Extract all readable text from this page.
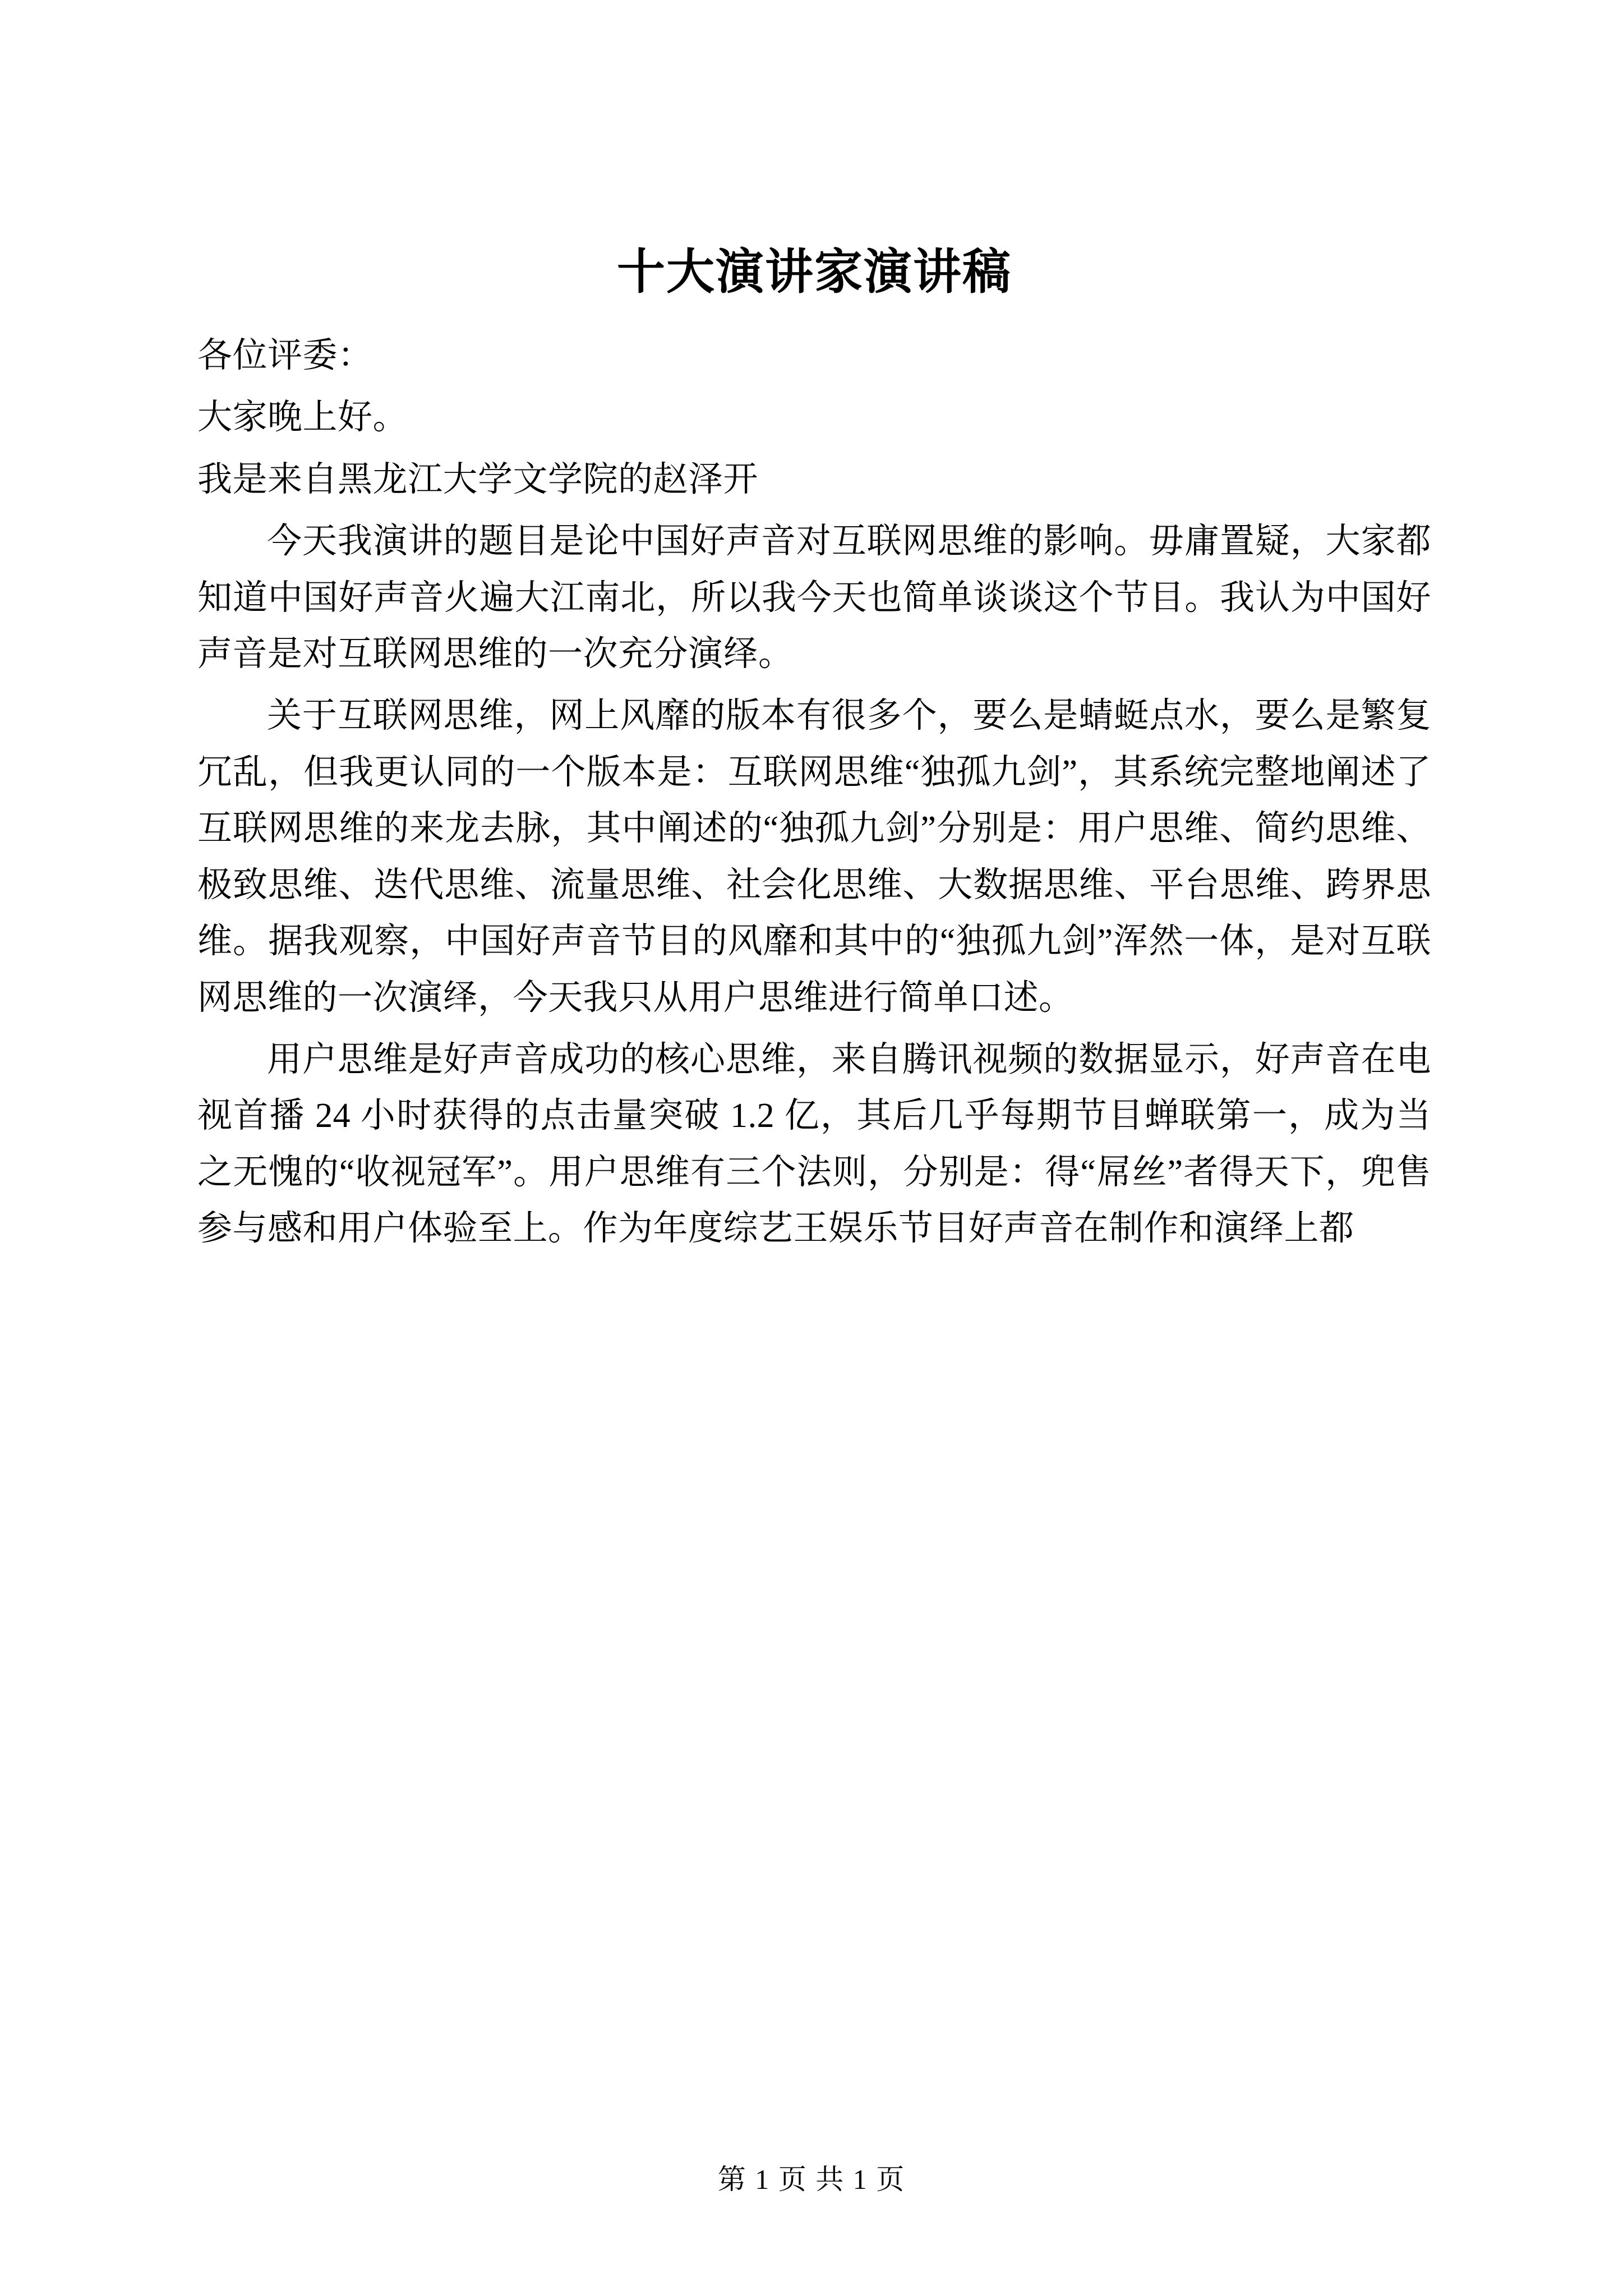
十大演讲家演讲稿

各位评委：

大家晚上好。

我是来自黑龙江大学文学院的赵泽开

今天我演讲的题目是论中国好声音对互联网思维的影响。毋庸置疑，大家都知道中国好声音火遍大江南北，所以我今天也简单谈谈这个节目。我认为中国好声音是对互联网思维的一次充分演绎。

关于互联网思维，网上风靡的版本有很多个，要么是蜻蜓点水，要么是繁复冗乱，但我更认同的一个版本是：互联网思维“独孤九剑”，其系统完整地阐述了互联网思维的来龙去脉，其中阐述的“独孤九剑”分别是：用户思维、简约思维、极致思维、迭代思维、流量思维、社会化思维、大数据思维、平台思维、跨界思维。据我观察，中国好声音节目的风靡和其中的“独孤九剑”浑然一体，是对互联网思维的一次演绎，今天我只从用户思维进行简单口述。

用户思维是好声音成功的核心思维，来自腾讯视频的数据显示，好声音在电视首播 24 小时获得的点击量突破 1.2 亿，其后几乎每期节目蝉联第一，成为当之无愧的“收视冠军”。用户思维有三个法则，分别是：得“屌丝”者得天下，兜售参与感和用户体验至上。作为年度综艺王娱乐节目好声音在制作和演绎上都

第 1 页 共 1 页
